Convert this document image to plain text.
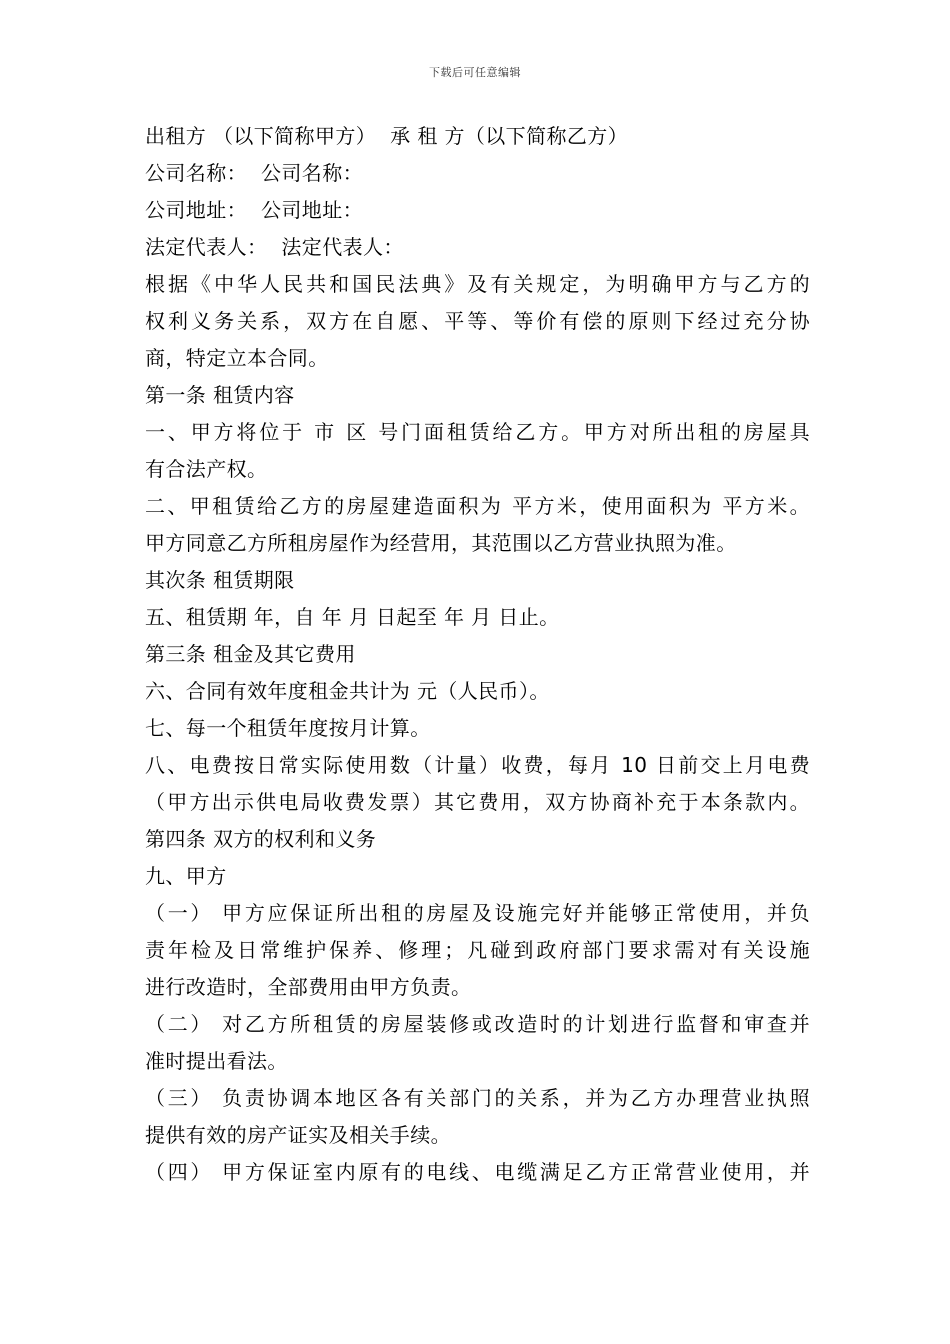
下载后可任意编辑
出租方 （以下简称甲方） 承 租 方（以下简称乙方）
公司名称： 公司名称：
公司地址： 公司地址：
法定代表人： 法定代表人：
根据《中华人民共和国民法典》及有关规定，为明确甲方与乙方的
权利义务关系，双方在自愿、平等、等价有偿的原则下经过充分协
商，特定立本合同。
第一条 租赁内容
一、甲方将位于 市 区 号门面租赁给乙方。甲方对所出租的房屋具
有合法产权。
二、甲租赁给乙方的房屋建造面积为 平方米，使用面积为 平方米。
甲方同意乙方所租房屋作为经营用，其范围以乙方营业执照为准。
其次条 租赁期限
五、租赁期 年，自 年 月 日起至 年 月 日止。
第三条 租金及其它费用
六、合同有效年度租金共计为 元（人民币）。
七、每一个租赁年度按月计算。
八、电费按日常实际使用数（计量）收费，每月 10 日前交上月电费
（甲方出示供电局收费发票）其它费用，双方协商补充于本条款内。
第四条 双方的权利和义务
九、甲方
（一） 甲方应保证所出租的房屋及设施完好并能够正常使用，并负
责年检及日常维护保养、修理；凡碰到政府部门要求需对有关设施
进行改造时，全部费用由甲方负责。
（二） 对乙方所租赁的房屋装修或改造时的计划进行监督和审查并
准时提出看法。
（三） 负责协调本地区各有关部门的关系，并为乙方办理营业执照
提供有效的房产证实及相关手续。
（四） 甲方保证室内原有的电线、电缆满足乙方正常营业使用，并
